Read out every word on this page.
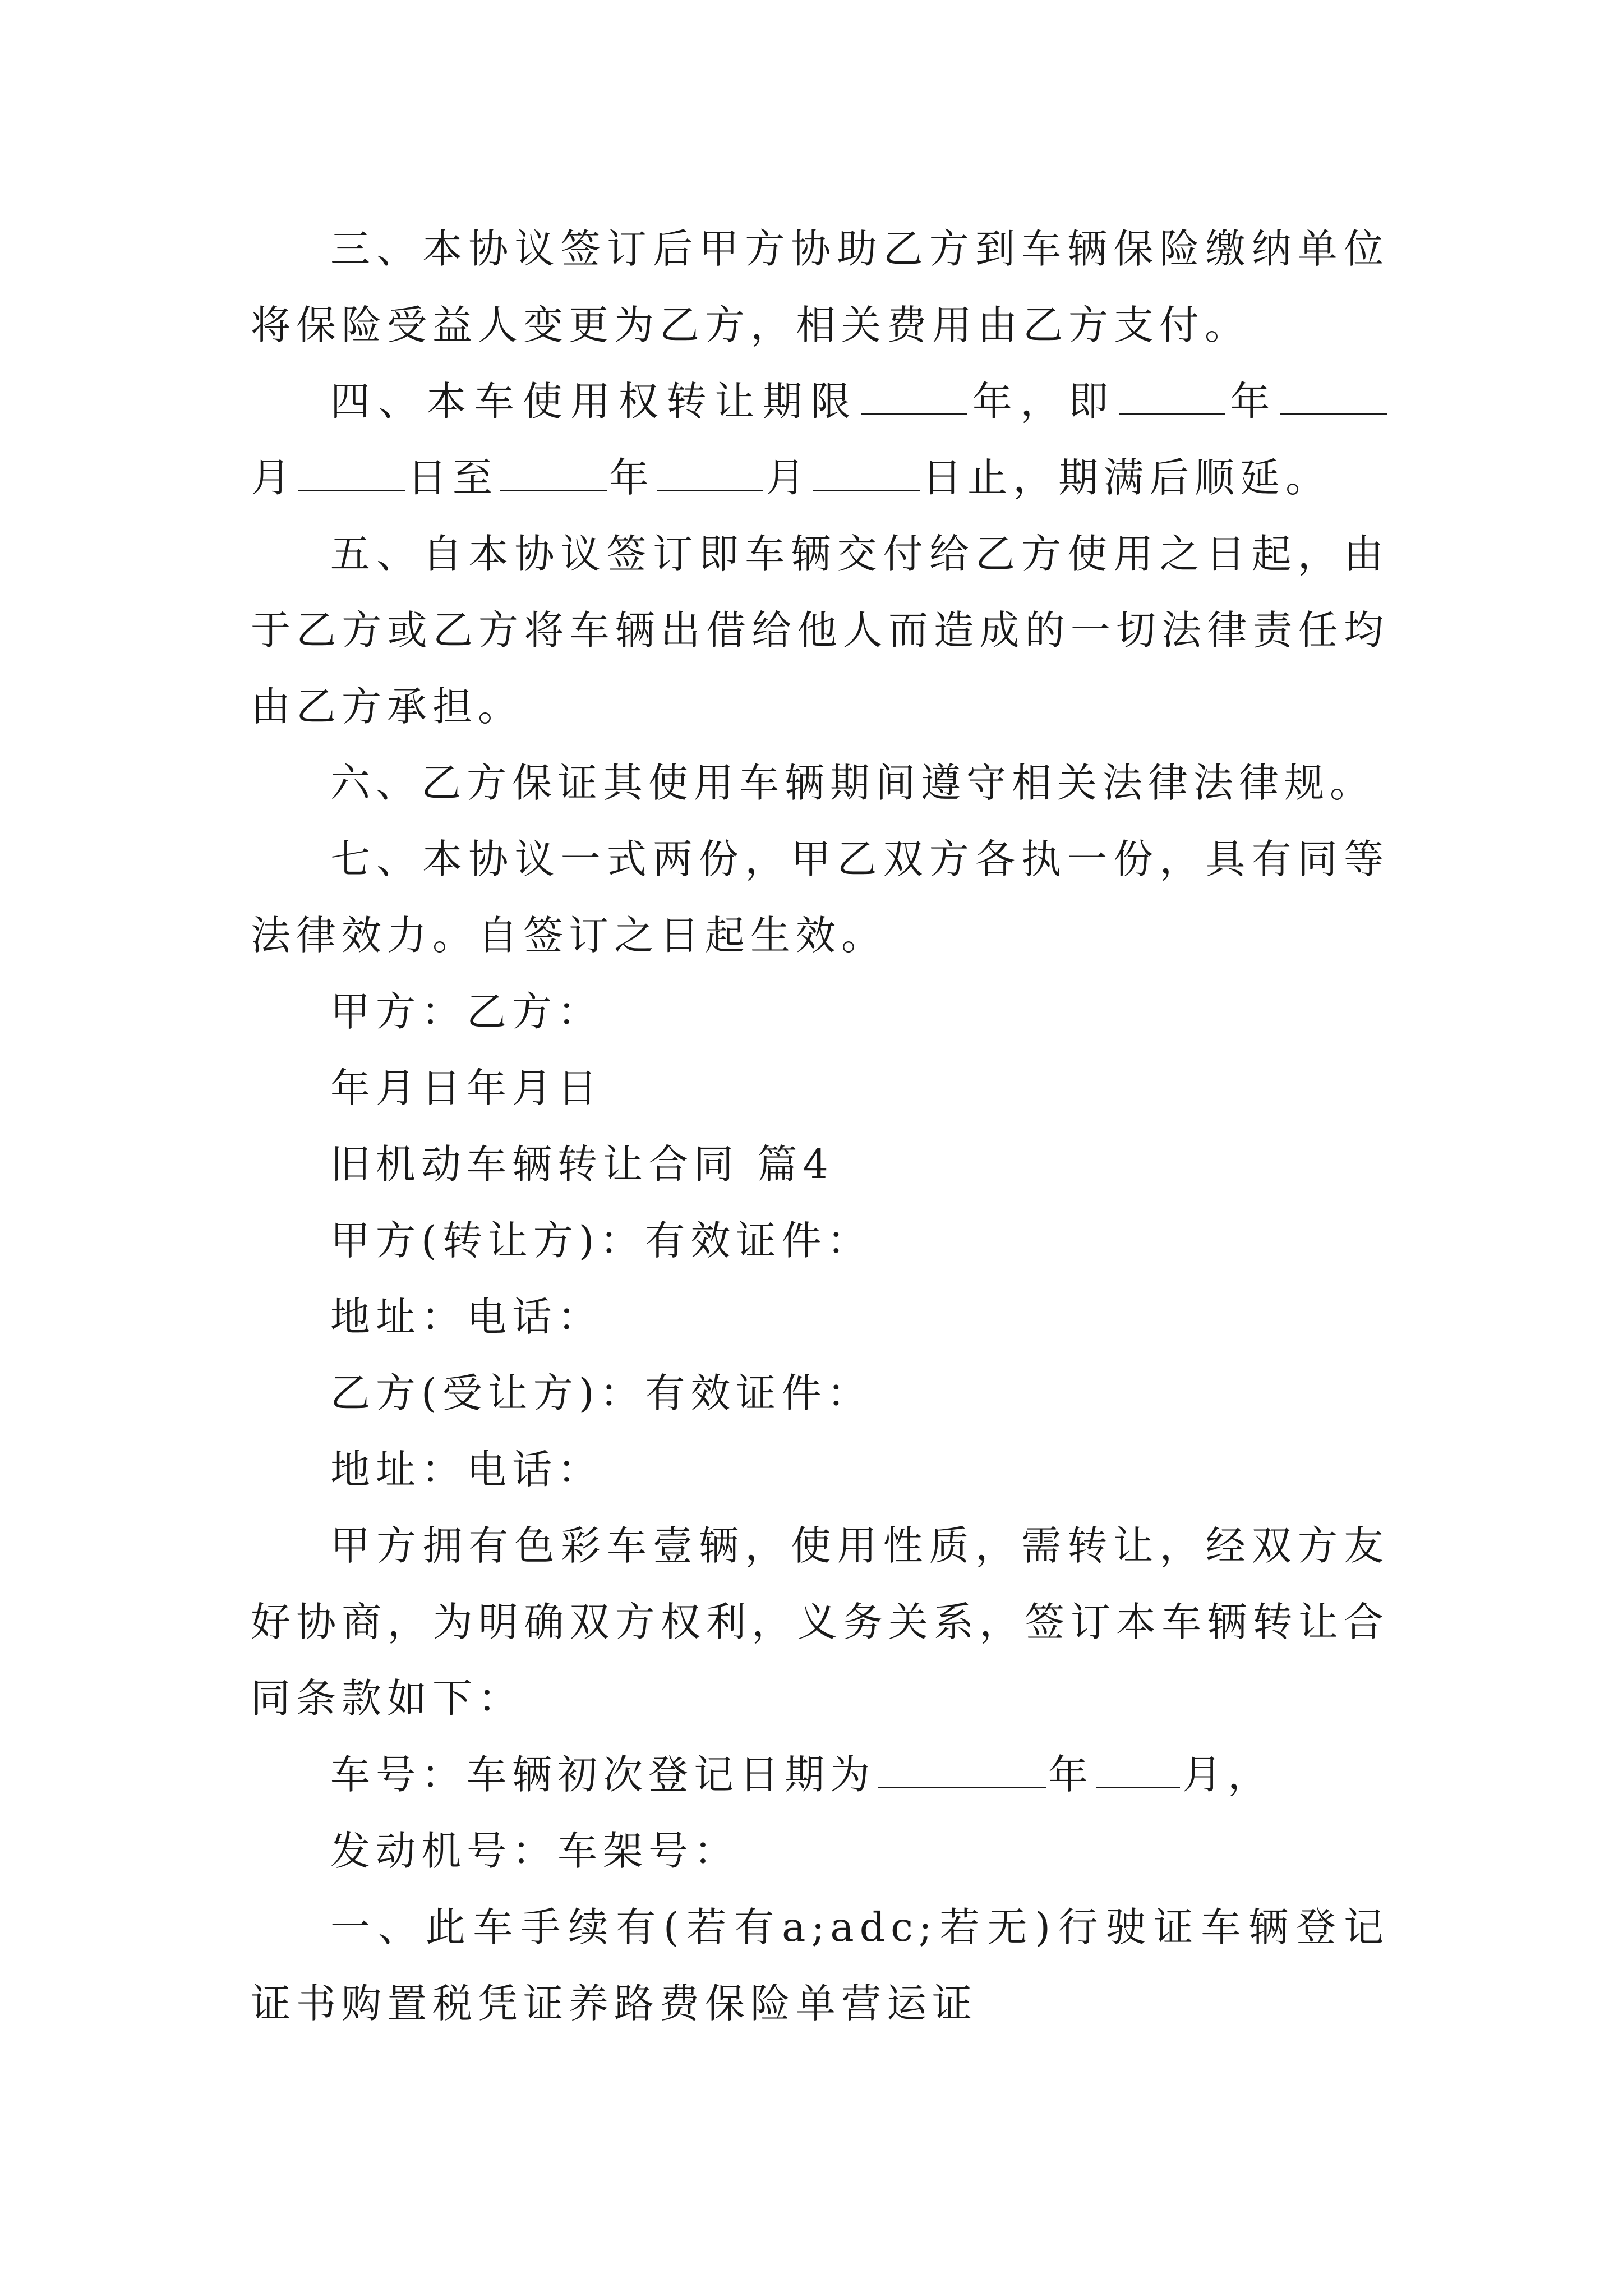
三、本协议签订后甲方协助乙方到车辆保险缴纳单位将保险受益人变更为乙方，相关费用由乙方支付。

四、本车使用权转让期限	年，即	年月	日至	年	月	日止，期满后顺延。

五、自本协议签订即车辆交付给乙方使用之日起，由于乙方或乙方将车辆出借给他人而造成的一切法律责任均由乙方承担。

六、乙方保证其使用车辆期间遵守相关法律法律规。

七、本协议一式两份，甲乙双方各执一份，具有同等法律效力。自签订之日起生效。

甲方：乙方：

年月日年月日

旧机动车辆转让合同 篇4

甲方(转让方)：有效证件：

地址：电话：

乙方(受让方)：有效证件：

地址：电话：

甲方拥有色彩车壹辆，使用性质，需转让，经双方友好协商，为明确双方权利，义务关系，签订本车辆转让合同条款如下：

车号：车辆初次登记日期为	年 月，

发动机号：车架号：

一、此车手续有(若有a;adc;若无)行驶证车辆登记证书购置税凭证养路费保险单营运证
